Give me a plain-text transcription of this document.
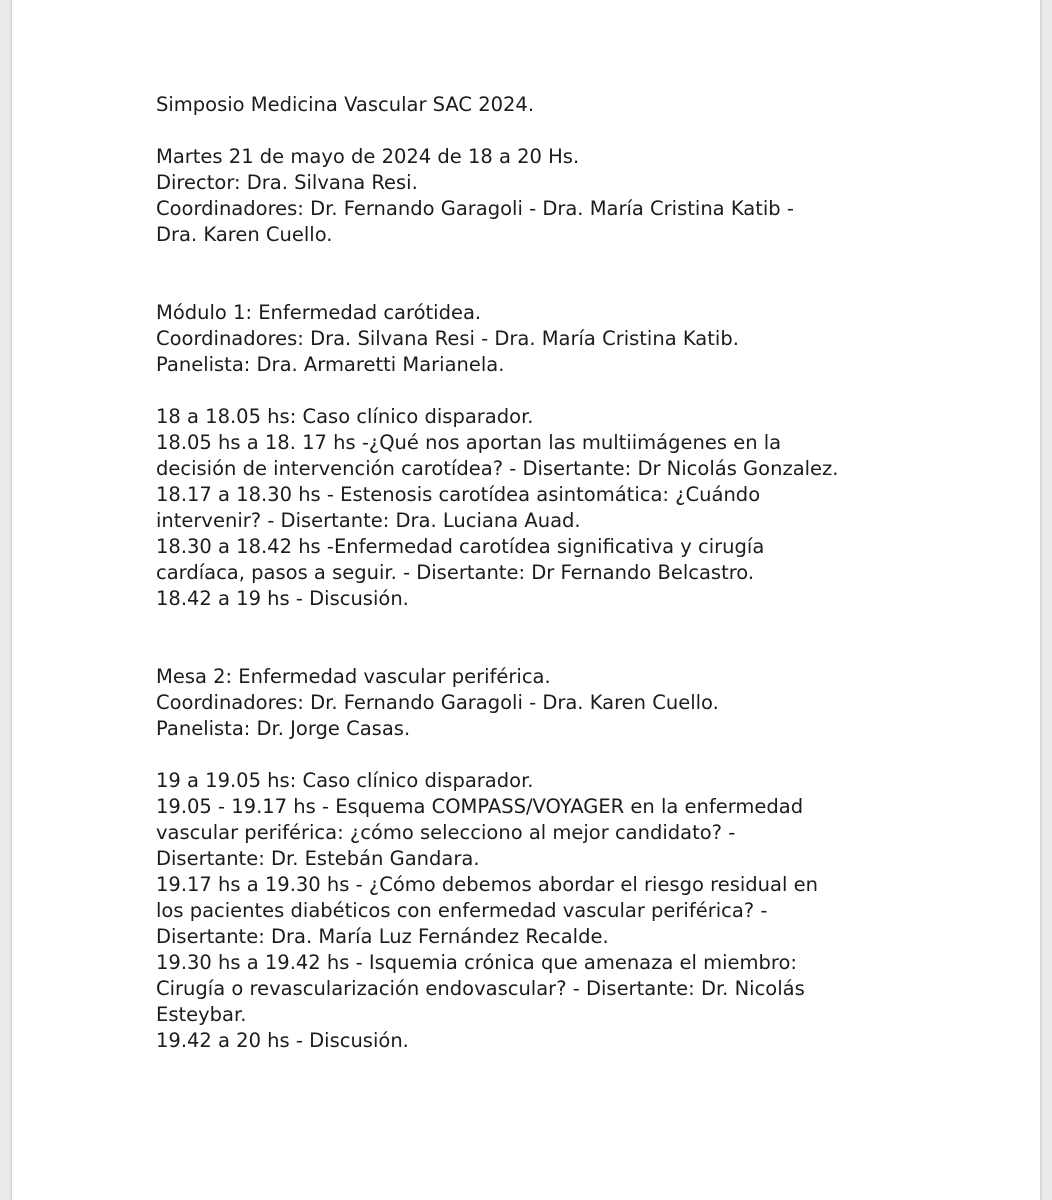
Simposio Medicina Vascular SAC 2024.
Martes 21 de mayo de 2024 de 18 a 20 Hs.
Director: Dra. Silvana Resi.
Coordinadores: Dr. Fernando Garagoli - Dra. María Cristina Katib -
Dra. Karen Cuello.
Módulo 1: Enfermedad carótidea.
Coordinadores: Dra. Silvana Resi - Dra. María Cristina Katib.
Panelista: Dra. Armaretti Marianela.
18 a 18.05 hs: Caso clínico disparador.
18.05 hs a 18. 17 hs -¿Qué nos aportan las multiimágenes en la
decisión de intervención carotídea? - Disertante: Dr Nicolás Gonzalez.
18.17 a 18.30 hs - Estenosis carotídea asintomática: ¿Cuándo
intervenir? - Disertante: Dra. Luciana Auad.
18.30 a 18.42 hs -Enfermedad carotídea significativa y cirugía
cardíaca, pasos a seguir. - Disertante: Dr Fernando Belcastro.
18.42 a 19 hs - Discusión.
Mesa 2: Enfermedad vascular periférica.
Coordinadores: Dr. Fernando Garagoli - Dra. Karen Cuello.
Panelista: Dr. Jorge Casas.
19 a 19.05 hs: Caso clínico disparador.
19.05 - 19.17 hs - Esquema COMPASS/VOYAGER en la enfermedad
vascular periférica: ¿cómo selecciono al mejor candidato? -
Disertante: Dr. Estebán Gandara.
19.17 hs a 19.30 hs - ¿Cómo debemos abordar el riesgo residual en
los pacientes diabéticos con enfermedad vascular periférica? -
Disertante: Dra. María Luz Fernández Recalde.
19.30 hs a 19.42 hs - Isquemia crónica que amenaza el miembro:
Cirugía o revascularización endovascular? - Disertante: Dr. Nicolás
Esteybar.
19.42 a 20 hs - Discusión.
